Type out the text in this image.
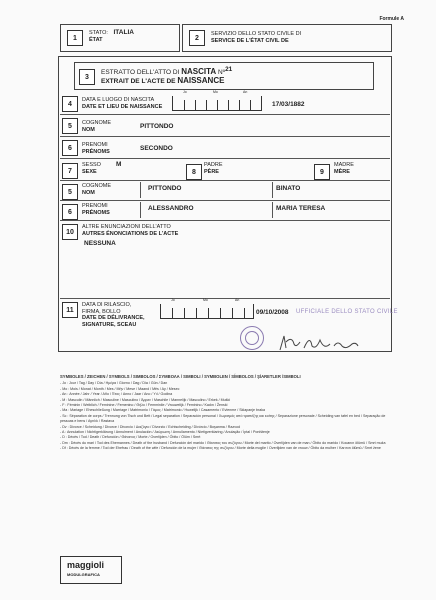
Formule A
1
STATO: ITALIA
ÉTAT	2
SERVIZIO DELLO STATO CIVILE DI
SERVICE DE L'ÉTAT CIVIL DE
3
ESTRATTO DELL'ATTO DI NASCITA Nº$^{21}$
EXTRAIT DE L'ACTE DE NAISSANCE
4
DATA E LUOGO DI NASCITA
DATE ET LIEU DE NAISSANCE
Jo	Mo	An
17/03/1882
5	COGNOME
NOM	PITTONDO
6	PRENOMI
PRÉNOMS	SECONDO
7
SESSO
SEXE
M
8
PADRE
PÈRE	9
MADRE
MÈRE
5
COGNOME
NOM
PITTONDO	BINATO
6
PRENOMI
PRÉNOMS
ALESSANDRO	MARIA TERESA
10
ALTRE ENUNCIAZIONI DELL'ATTO
AUTRES ÉNONCIATIONS DE L'ACTE
NESSUNA
11
DATA DI RILASCIO,
FIRMA, BOLLO
DATE DE DÉLIVRANCE,
SIGNATURE, SCEAU
Jo	Mo	An
09/10/2008 UFFICIALE DELLO STATO CIVILE
SYMBOLES / ZEICHEN / SYMBOLS / SIMBOLOS / ΣΥΜΒΟΛΑ / SIMBOLI / SYMBOLEN / SÍMBOLOS / ŞİARETLER /SIMBOLI
- Jo : Jour / Tag / Day / Día / Ημέρα / Giorno / Dag / Dia / Gün / Dan
- Mo : Mois / Monat / Month / Mes / Μήν / Mese / Maand / Mês / Ay / Mesec
- An : Année / Jahr / Year / Año / Έτος / Anno / Jaar / Ano / Yıl / Godina
- M : Masculin / Männlich / Masculine / Masculino / Άρρεν / Maschile / Mannelijk / Masculino / Erkek / Muški
- F : Féminin / Weiblich / Feminine / Femenino / Θήλυ / Femminile / Vrouwelijk / Feminino / Kadın / Ženski
- Ma : Mariage / Eheschließung / Marriage / Matrimonio / Γάμος / Matrimonio / Huwelijk / Casamento / Evlenme / Sklapanje braka
- Sc : Séparation de corps / Trennung von Tisch und Bett / Legal separation / Separación personal / Χωρισμός από τραπέζης και κοίτης / Separazione personale / Scheiding van tafel en bed / Separação de pessoas e bens / Ayrılık / Rastava
- Dv : Divorce / Scheidung / Divorce / Divorcio / Διαζύγιο / Divorzio / Echtscheiding / Divórcio / Boşanma / Razvod
- A : Annulation / Nichtigerklärung / Annulment / Anulación / Ακύρωση / Annullamento / Nietigverklaring / Anulação / İptal / Poništenje
- D : Décès / Tod / Death / Defunción / Θάνατος / Morte / Overlijden / Óbito / Ölüm / Smrt
- Dm : Décès du mari / Tod des Ehemannes / Death of the husband / Defunción del marido / Θάνατος του συζύγου / Morte del marito / Overlijden van de man / Óbito do marido / Kocanın ölümü / Smrt muža
- Df : Décès de la femme / Tod der Ehefrau / Death of the wife / Defunción de la mujer / Θάνατος της συζύγου / Morte della moglie / Overlijden van de vrouw / Óbito da mulher / Karının ölümü / Smrt žene
maggioli
MODULGRAFICA
